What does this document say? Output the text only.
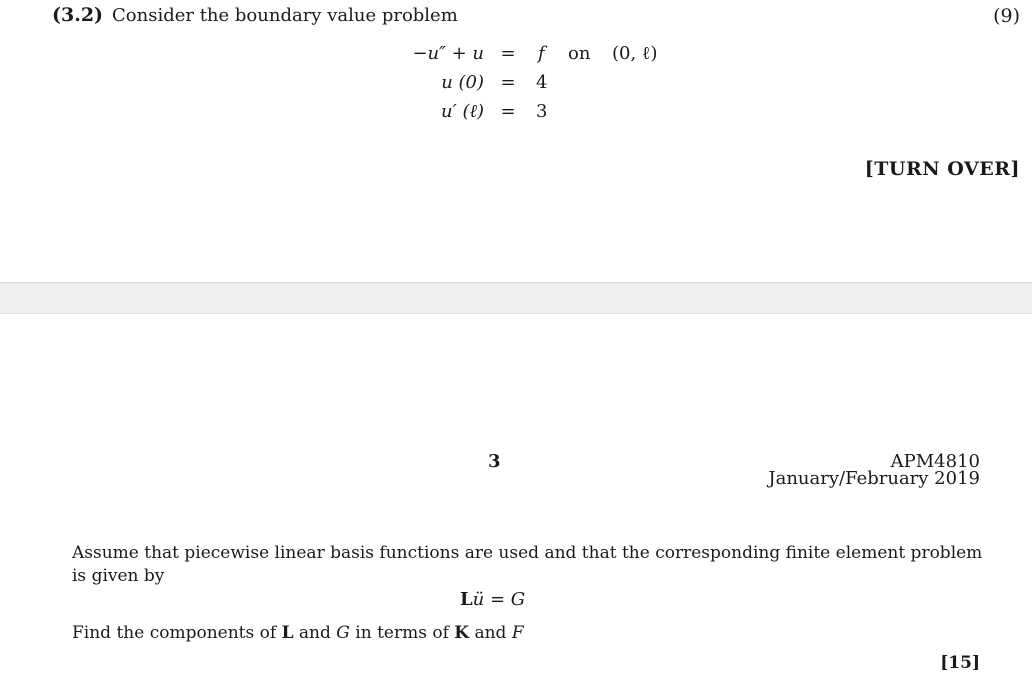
(3.2) Consider the boundary value problem	(9)
−u″ + u = f on (0, ℓ)
u (0) = 4
u′ (ℓ) = 3
[TURN OVER]
3	APM4810
January/February 2019
Assume that piecewise linear basis functions are used and that the corresponding finite element problem
is given by
Lü = G
Find the components of L and G in terms of K and F
[15]
